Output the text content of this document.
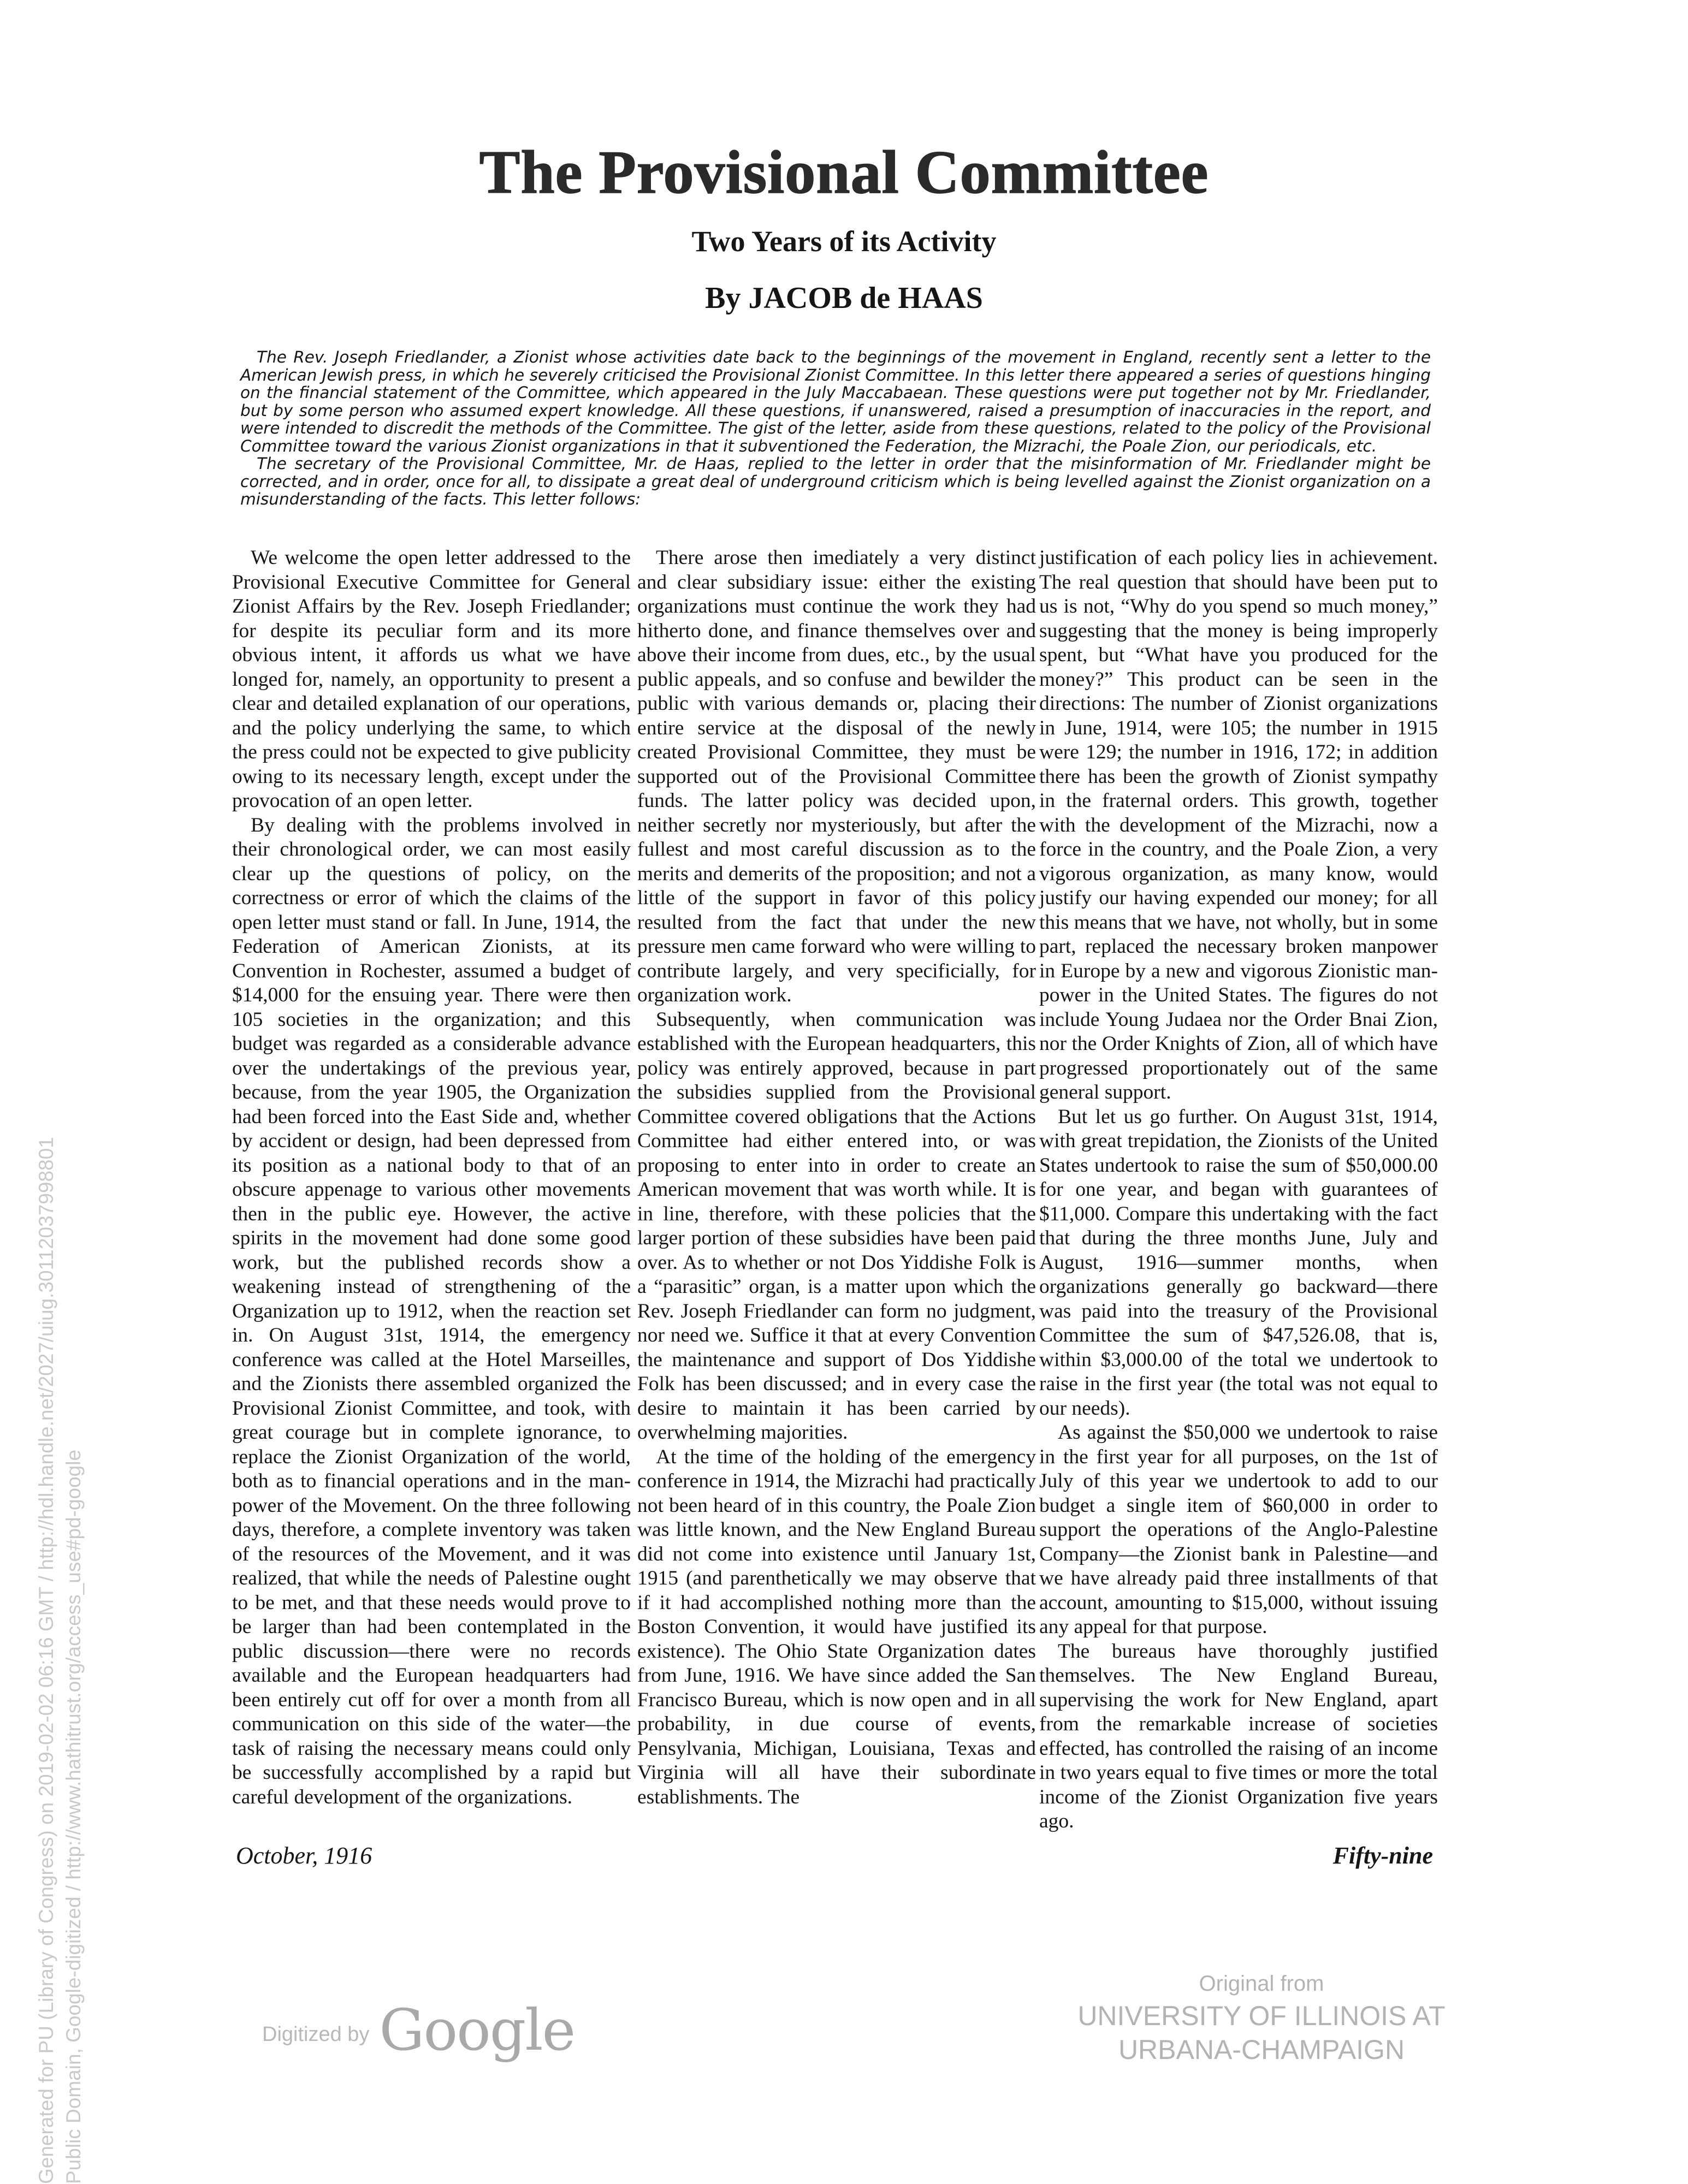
The Provisional Committee
Two Years of its Activity
By JACOB de HAAS

The Rev. Joseph Friedlander, a Zionist whose activities date back to the beginnings of the movement in England, recently sent a letter to the American Jewish press, in which he severely criticised the Provisional Zionist Committee. In this letter there appeared a series of questions hinging on the financial statement of the Committee, which appeared in the July Maccabaean. These questions were put together not by Mr. Friedlander, but by some person who assumed expert knowledge. All these questions, if unanswered, raised a presumption of inaccuracies in the report, and were intended to discredit the methods of the Committee. The gist of the letter, aside from these questions, related to the policy of the Provisional Committee toward the various Zionist organizations in that it subventioned the Federation, the Mizrachi, the Poale Zion, our periodicals, etc.

The secretary of the Provisional Committee, Mr. de Haas, replied to the letter in order that the misinformation of Mr. Friedlander might be corrected, and in order, once for all, to dissipate a great deal of underground criticism which is being levelled against the Zionist organization on a misunderstanding of the facts. This letter follows:

We welcome the open letter addressed to the Provisional Executive Committee for General Zionist Affairs by the Rev. Joseph Friedlander; for despite its peculiar form and its more obvious intent, it affords us what we have longed for, namely, an opportunity to present a clear and detailed explanation of our operations, and the policy underlying the same, to which the press could not be expected to give publicity owing to its necessary length, except under the provocation of an open letter.

By dealing with the problems involved in their chronological order, we can most easily clear up the questions of policy, on the correctness or error of which the claims of the open letter must stand or fall. In June, 1914, the Federation of American Zionists, at its Convention in Rochester, assumed a budget of $14,000 for the ensuing year. There were then 105 societies in the organization; and this budget was regarded as a considerable advance over the undertakings of the previous year, because, from the year 1905, the Organization had been forced into the East Side and, whether by accident or design, had been depressed from its position as a national body to that of an obscure appenage to various other movements then in the public eye. However, the active spirits in the movement had done some good work, but the published records show a weakening instead of strengthening of the Organization up to 1912, when the reaction set in. On August 31st, 1914, the emergency conference was called at the Hotel Marseilles, and the Zionists there assembled organized the Provisional Zionist Committee, and took, with great courage but in complete ignorance, to replace the Zionist Organization of the world, both as to financial operations and in the man-power of the Movement. On the three following days, therefore, a complete inventory was taken of the resources of the Movement, and it was realized, that while the needs of Palestine ought to be met, and that these needs would prove to be larger than had been contemplated in the public discussion—there were no records available and the European headquarters had been entirely cut off for over a month from all communication on this side of the water—the task of raising the necessary means could only be successfully accomplished by a rapid but careful development of the organizations.

There arose then imediately a very distinct and clear subsidiary issue: either the existing organizations must continue the work they had hitherto done, and finance themselves over and above their income from dues, etc., by the usual public appeals, and so confuse and bewilder the public with various demands or, placing their entire service at the disposal of the newly created Provisional Committee, they must be supported out of the Provisional Committee funds. The latter policy was decided upon, neither secretly nor mysteriously, but after the fullest and most careful discussion as to the merits and demerits of the proposition; and not a little of the support in favor of this policy resulted from the fact that under the new pressure men came forward who were willing to contribute largely, and very specificially, for organization work.

Subsequently, when communication was established with the European headquarters, this policy was entirely approved, because in part the subsidies supplied from the Provisional Committee covered obligations that the Actions Committee had either entered into, or was proposing to enter into in order to create an American movement that was worth while. It is in line, therefore, with these policies that the larger portion of these subsidies have been paid over. As to whether or not Dos Yiddishe Folk is a “parasitic” organ, is a matter upon which the Rev. Joseph Friedlander can form no judgment, nor need we. Suffice it that at every Convention the maintenance and support of Dos Yiddishe Folk has been discussed; and in every case the desire to maintain it has been carried by overwhelming majorities.

At the time of the holding of the emergency conference in 1914, the Mizrachi had practically not been heard of in this country, the Poale Zion was little known, and the New England Bureau did not come into existence until January 1st, 1915 (and parenthetically we may observe that if it had accomplished nothing more than the Boston Convention, it would have justified its existence). The Ohio State Organization dates from June, 1916. We have since added the San Francisco Bureau, which is now open and in all probability, in due course of events, Pensylvania, Michigan, Louisiana, Texas and Virginia will all have their subordinate establishments. The

justification of each policy lies in achievement. The real question that should have been put to us is not, “Why do you spend so much money,” suggesting that the money is being improperly spent, but “What have you produced for the money?” This product can be seen in the directions: The number of Zionist organizations in June, 1914, were 105; the number in 1915 were 129; the number in 1916, 172; in addition there has been the growth of Zionist sympathy in the fraternal orders. This growth, together with the development of the Mizrachi, now a force in the country, and the Poale Zion, a very vigorous organization, as many know, would justify our having expended our money; for all this means that we have, not wholly, but in some part, replaced the necessary broken manpower in Europe by a new and vigorous Zionistic man-power in the United States. The figures do not include Young Judaea nor the Order Bnai Zion, nor the Order Knights of Zion, all of which have progressed proportionately out of the same general support.

But let us go further. On August 31st, 1914, with great trepidation, the Zionists of the United States undertook to raise the sum of $50,000.00 for one year, and began with guarantees of $11,000. Compare this undertaking with the fact that during the three months June, July and August, 1916—summer months, when organizations generally go backward—there was paid into the treasury of the Provisional Committee the sum of $47,526.08, that is, within $3,000.00 of the total we undertook to raise in the first year (the total was not equal to our needs).

As against the $50,000 we undertook to raise in the first year for all purposes, on the 1st of July of this year we undertook to add to our budget a single item of $60,000 in order to support the operations of the Anglo-Palestine Company—the Zionist bank in Palestine—and we have already paid three installments of that account, amounting to $15,000, without issuing any appeal for that purpose.

The bureaus have thoroughly justified themselves. The New England Bureau, supervising the work for New England, apart from the remarkable increase of societies effected, has controlled the raising of an income in two years equal to five times or more the total income of the Zionist Organization five years ago.

October, 1916	Fifty-nine
Digitized by Google
Original from
UNIVERSITY OF ILLINOIS AT
URBANA-CHAMPAIGN
Generated for PU (Library of Congress) on 2019-02-02 06:16 GMT / http://hdl.handle.net/2027/uiug.30112037998801 Public Domain, Google-digitized / http://www.hathitrust.org/access_use#pd-google
